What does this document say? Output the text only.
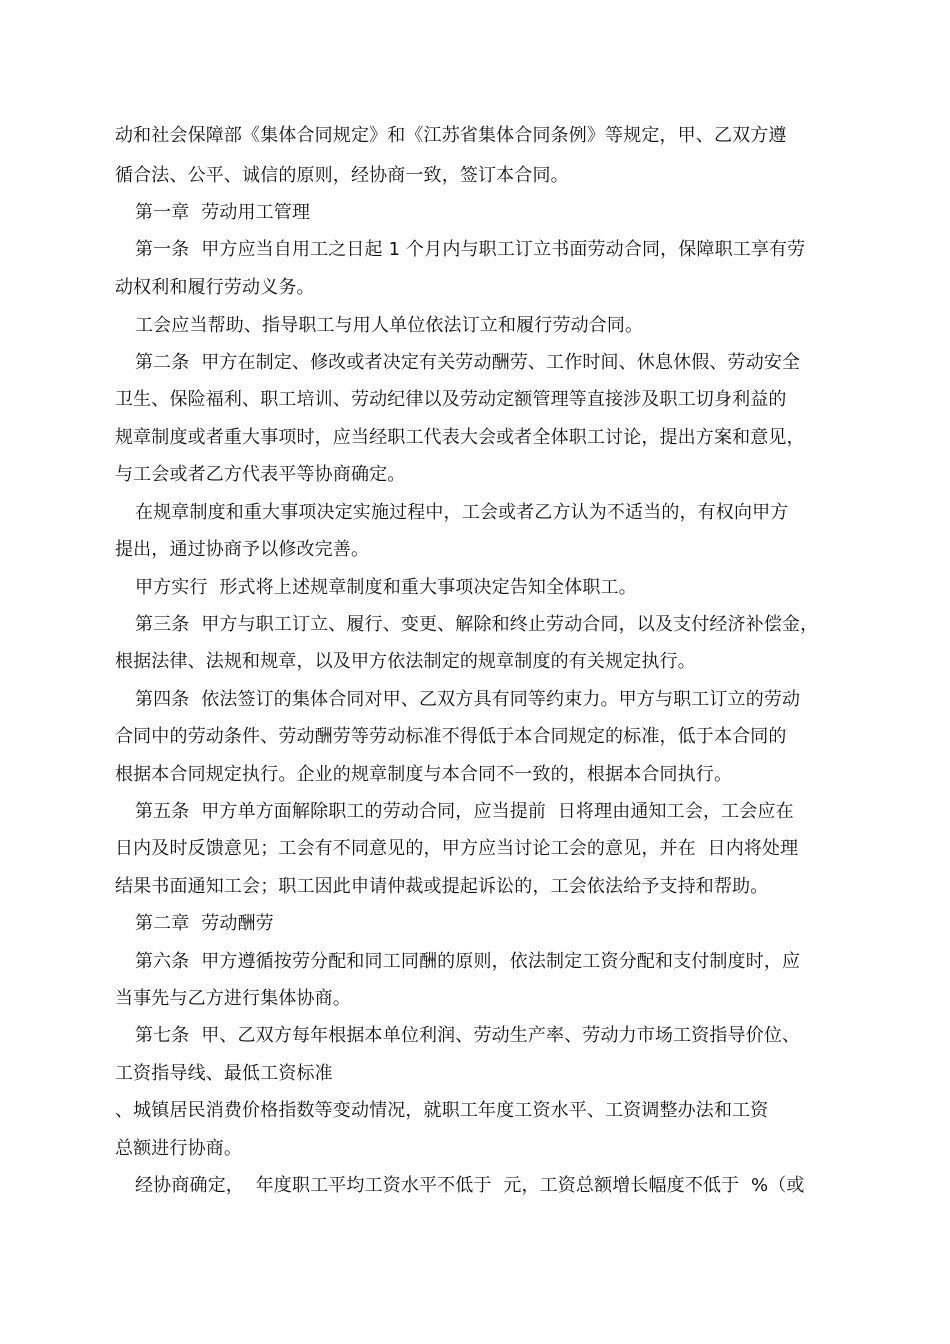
动和社会保障部《集体合同规定》和《江苏省集体合同条例》等规定，甲、乙双方遵
循合法、公平、诚信的原则，经协商一致，签订本合同。
第一章  劳动用工管理
第一条  甲方应当自用工之日起 1 个月内与职工订立书面劳动合同，保障职工享有劳
动权利和履行劳动义务。
工会应当帮助、指导职工与用人单位依法订立和履行劳动合同。
第二条  甲方在制定、修改或者决定有关劳动酬劳、工作时间、休息休假、劳动安全
卫生、保险福利、职工培训、劳动纪律以及劳动定额管理等直接涉及职工切身利益的
规章制度或者重大事项时，应当经职工代表大会或者全体职工讨论，提出方案和意见，
与工会或者乙方代表平等协商确定。
在规章制度和重大事项决定实施过程中，工会或者乙方认为不适当的，有权向甲方
提出，通过协商予以修改完善。
甲方实行  形式将上述规章制度和重大事项决定告知全体职工。
第三条  甲方与职工订立、履行、变更、解除和终止劳动合同，以及支付经济补偿金，
根据法律、法规和规章，以及甲方依法制定的规章制度的有关规定执行。
第四条  依法签订的集体合同对甲、乙双方具有同等约束力。甲方与职工订立的劳动
合同中的劳动条件、劳动酬劳等劳动标准不得低于本合同规定的标准，低于本合同的
根据本合同规定执行。企业的规章制度与本合同不一致的，根据本合同执行。
第五条  甲方单方面解除职工的劳动合同，应当提前  日将理由通知工会，工会应在
日内及时反馈意见；工会有不同意见的，甲方应当讨论工会的意见，并在  日内将处理
结果书面通知工会；职工因此申请仲裁或提起诉讼的，工会依法给予支持和帮助。
第二章  劳动酬劳
第六条  甲方遵循按劳分配和同工同酬的原则，依法制定工资分配和支付制度时，应
当事先与乙方进行集体协商。
第七条  甲、乙双方每年根据本单位利润、劳动生产率、劳动力市场工资指导价位、
工资指导线、最低工资标准
、城镇居民消费价格指数等变动情况，就职工年度工资水平、工资调整办法和工资
总额进行协商。
经协商确定，  年度职工平均工资水平不低于  元，工资总额增长幅度不低于  %（或
